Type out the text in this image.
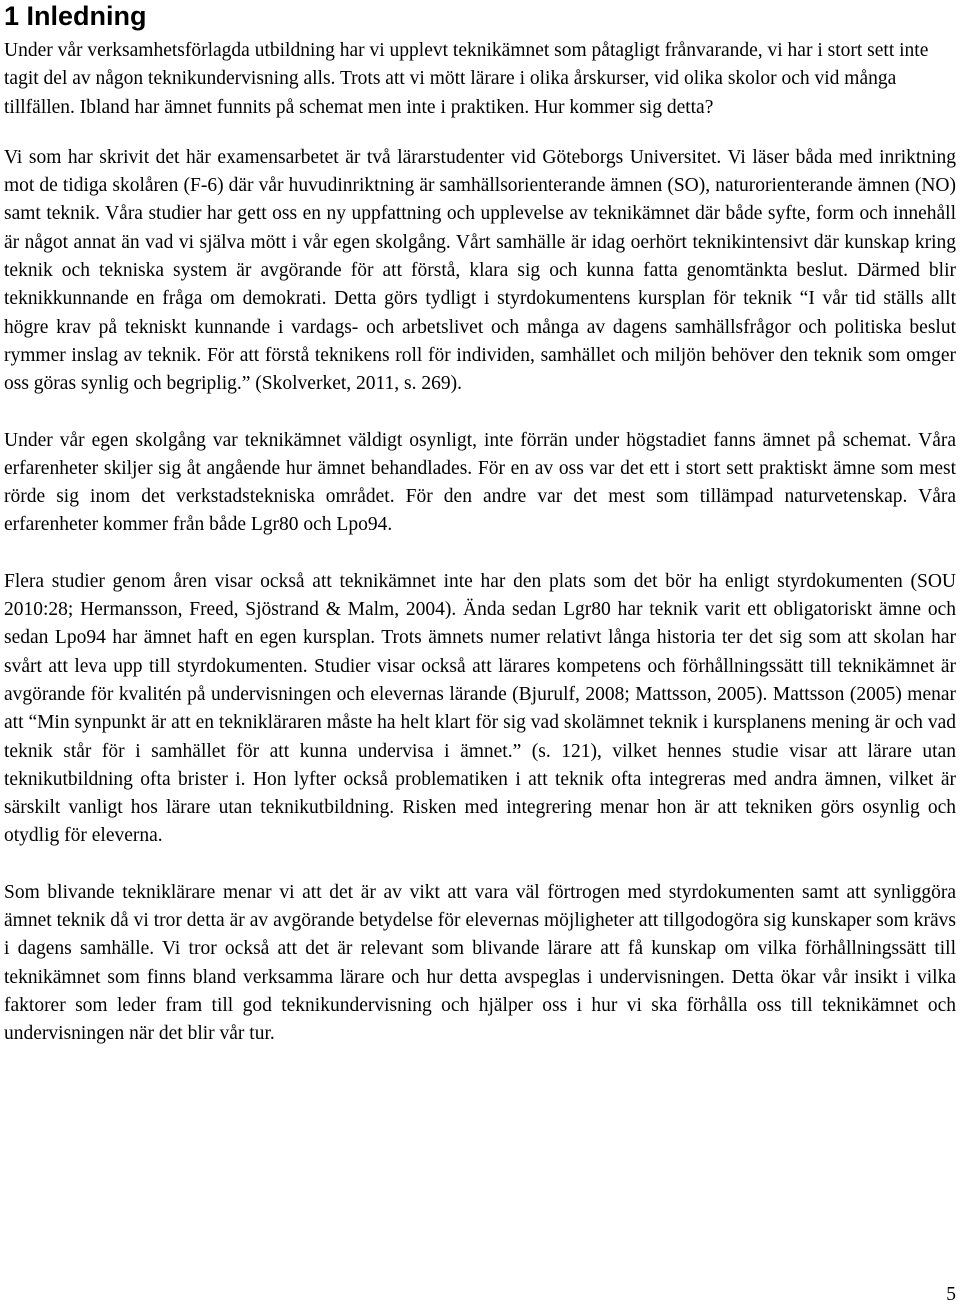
1 Inledning

Under vår verksamhetsförlagda utbildning har vi upplevt teknikämnet som påtagligt frånvarande, vi har i stort sett inte tagit del av någon teknikundervisning alls. Trots att vi mött lärare i olika årskurser, vid olika skolor och vid många tillfällen. Ibland har ämnet funnits på schemat men inte i praktiken. Hur kommer sig detta?

Vi som har skrivit det här examensarbetet är två lärarstudenter vid Göteborgs Universitet. Vi läser båda med inriktning mot de tidiga skolåren (F-6) där vår huvudinriktning är samhällsorienterande ämnen (SO), naturorienterande ämnen (NO) samt teknik. Våra studier har gett oss en ny uppfattning och upplevelse av teknikämnet där både syfte, form och innehåll är något annat än vad vi själva mött i vår egen skolgång. Vårt samhälle är idag oerhört teknikintensivt där kunskap kring teknik och tekniska system är avgörande för att förstå, klara sig och kunna fatta genomtänkta beslut. Därmed blir teknikkunnande en fråga om demokrati. Detta görs tydligt i styrdokumentens kursplan för teknik “I vår tid ställs allt högre krav på tekniskt kunnande i vardags- och arbetslivet och många av dagens samhällsfrågor och politiska beslut rymmer inslag av teknik. För att förstå teknikens roll för individen, samhället och miljön behöver den teknik som omger oss göras synlig och begriplig.” (Skolverket, 2011, s. 269).

Under vår egen skolgång var teknikämnet väldigt osynligt, inte förrän under högstadiet fanns ämnet på schemat. Våra erfarenheter skiljer sig åt angående hur ämnet behandlades. För en av oss var det ett i stort sett praktiskt ämne som mest rörde sig inom det verkstadstekniska området. För den andre var det mest som tillämpad naturvetenskap. Våra erfarenheter kommer från både Lgr80 och Lpo94.

Flera studier genom åren visar också att teknikämnet inte har den plats som det bör ha enligt styrdokumenten (SOU 2010:28; Hermansson, Freed, Sjöstrand & Malm, 2004). Ända sedan Lgr80 har teknik varit ett obligatoriskt ämne och sedan Lpo94 har ämnet haft en egen kursplan. Trots ämnets numer relativt långa historia ter det sig som att skolan har svårt att leva upp till styrdokumenten. Studier visar också att lärares kompetens och förhållningssätt till teknikämnet är avgörande för kvalitén på undervisningen och elevernas lärande (Bjurulf, 2008; Mattsson, 2005). Mattsson (2005) menar att “Min synpunkt är att en teknikläraren måste ha helt klart för sig vad skolämnet teknik i kursplanens mening är och vad teknik står för i samhället för att kunna undervisa i ämnet.” (s. 121), vilket hennes studie visar att lärare utan teknikutbildning ofta brister i. Hon lyfter också problematiken i att teknik ofta integreras med andra ämnen, vilket är särskilt vanligt hos lärare utan teknikutbildning. Risken med integrering menar hon är att tekniken görs osynlig och otydlig för eleverna.

Som blivande tekniklärare menar vi att det är av vikt att vara väl förtrogen med styrdokumenten samt att synliggöra ämnet teknik då vi tror detta är av avgörande betydelse för elevernas möjligheter att tillgodogöra sig kunskaper som krävs i dagens samhälle. Vi tror också att det är relevant som blivande lärare att få kunskap om vilka förhållningssätt till teknikämnet som finns bland verksamma lärare och hur detta avspeglas i undervisningen. Detta ökar vår insikt i vilka faktorer som leder fram till god teknikundervisning och hjälper oss i hur vi ska förhålla oss till teknikämnet och undervisningen när det blir vår tur.

5
